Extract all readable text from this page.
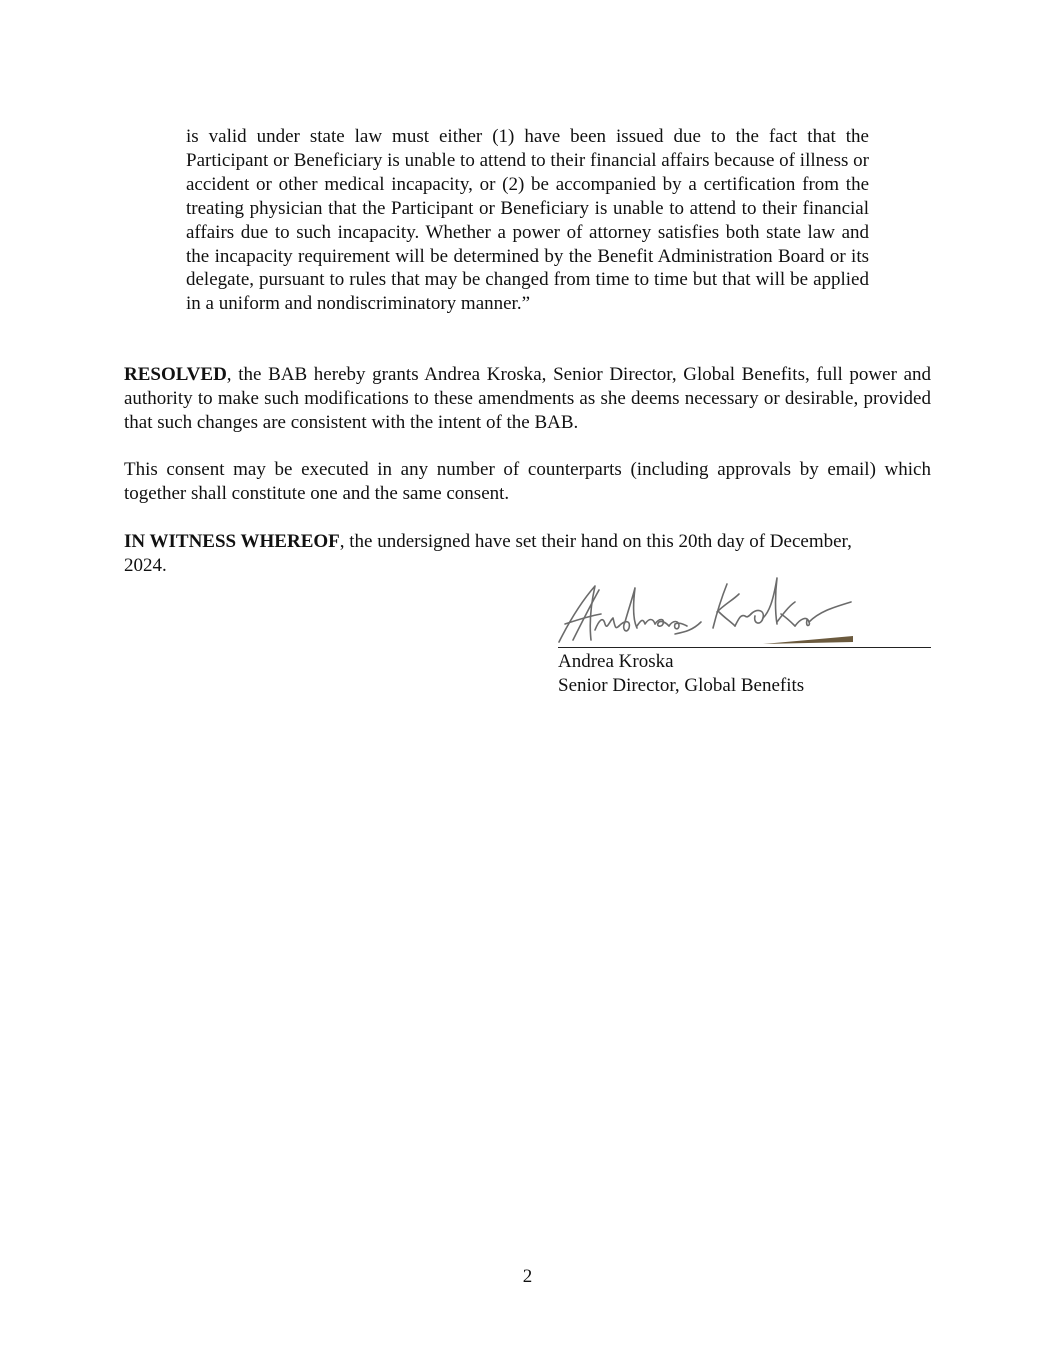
is valid under state law must either (1) have been issued due to the fact that the Participant or Beneficiary is unable to attend to their financial affairs because of illness or accident or other medical incapacity, or (2) be accompanied by a certification from the treating physician that the Participant or Beneficiary is unable to attend to their financial affairs due to such incapacity. Whether a power of attorney satisfies both state law and the incapacity requirement will be determined by the Benefit Administration Board or its delegate, pursuant to rules that may be changed from time to time but that will be applied in a uniform and nondiscriminatory manner.”

RESOLVED, the BAB hereby grants Andrea Kroska, Senior Director, Global Benefits, full power and authority to make such modifications to these amendments as she deems necessary or desirable, provided that such changes are consistent with the intent of the BAB.

This consent may be executed in any number of counterparts (including approvals by email) which together shall constitute one and the same consent.

IN WITNESS WHEREOF, the undersigned have set their hand on this 20th day of December, 2024.

Andrea Kroska
Senior Director, Global Benefits
2
